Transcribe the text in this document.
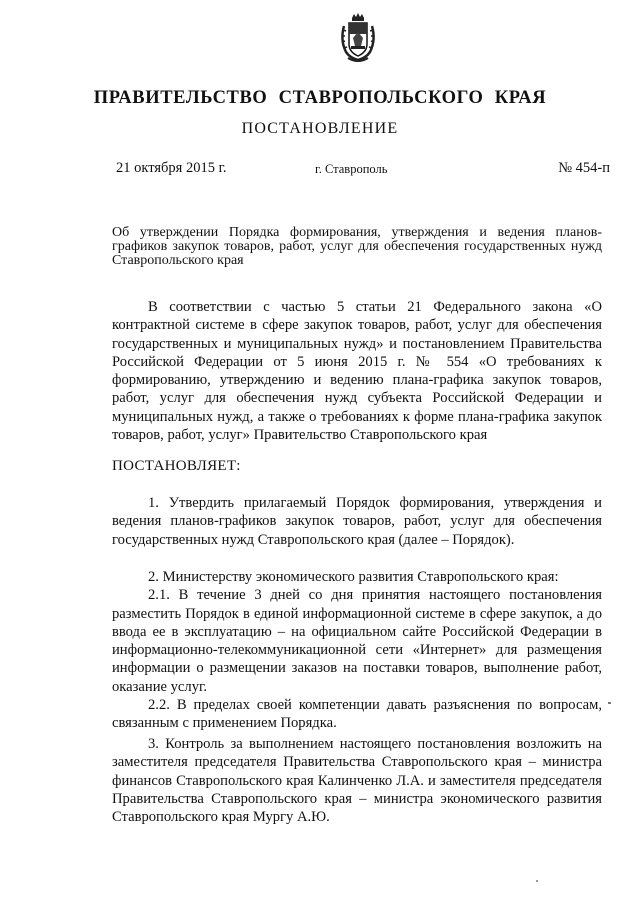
ПРАВИТЕЛЬСТВО СТАВРОПОЛЬСКОГО КРАЯ
ПОСТАНОВЛЕНИЕ
21 октября 2015 г.	г. Ставрополь	№ 454-п
Об утверждении Порядка формирования, утверждения и ведения планов-графиков закупок товаров, работ, услуг для обеспечения государственных нужд Ставропольского края

В соответствии с частью 5 статьи 21 Федерального закона «О контрактной системе в сфере закупок товаров, работ, услуг для обеспечения государственных и муниципальных нужд» и постановлением Правительства Российской Федерации от 5 июня 2015 г. № 554 «О требованиях к формированию, утверждению и ведению плана-графика закупок товаров, работ, услуг для обеспечения нужд субъекта Российской Федерации и муниципальных нужд, а также о требованиях к форме плана-графика закупок товаров, работ, услуг» Правительство Ставропольского края

ПОСТАНОВЛЯЕТ:

1. Утвердить прилагаемый Порядок формирования, утверждения и ведения планов-графиков закупок товаров, работ, услуг для обеспечения государственных нужд Ставропольского края (далее – Порядок).

2. Министерству экономического развития Ставропольского края:

2.1. В течение 3 дней со дня принятия настоящего постановления разместить Порядок в единой информационной системе в сфере закупок, а до ввода ее в эксплуатацию – на официальном сайте Российской Федерации в информационно-телекоммуникационной сети «Интернет» для размещения информации о размещении заказов на поставки товаров, выполнение работ, оказание услуг.

2.2. В пределах своей компетенции давать разъяснения по вопросам, связанным с применением Порядка.

3. Контроль за выполнением настоящего постановления возложить на заместителя председателя Правительства Ставропольского края – министра финансов Ставропольского края Калинченко Л.А. и заместителя председателя Правительства Ставропольского края – министра экономического развития Ставропольского края Мургу А.Ю.
